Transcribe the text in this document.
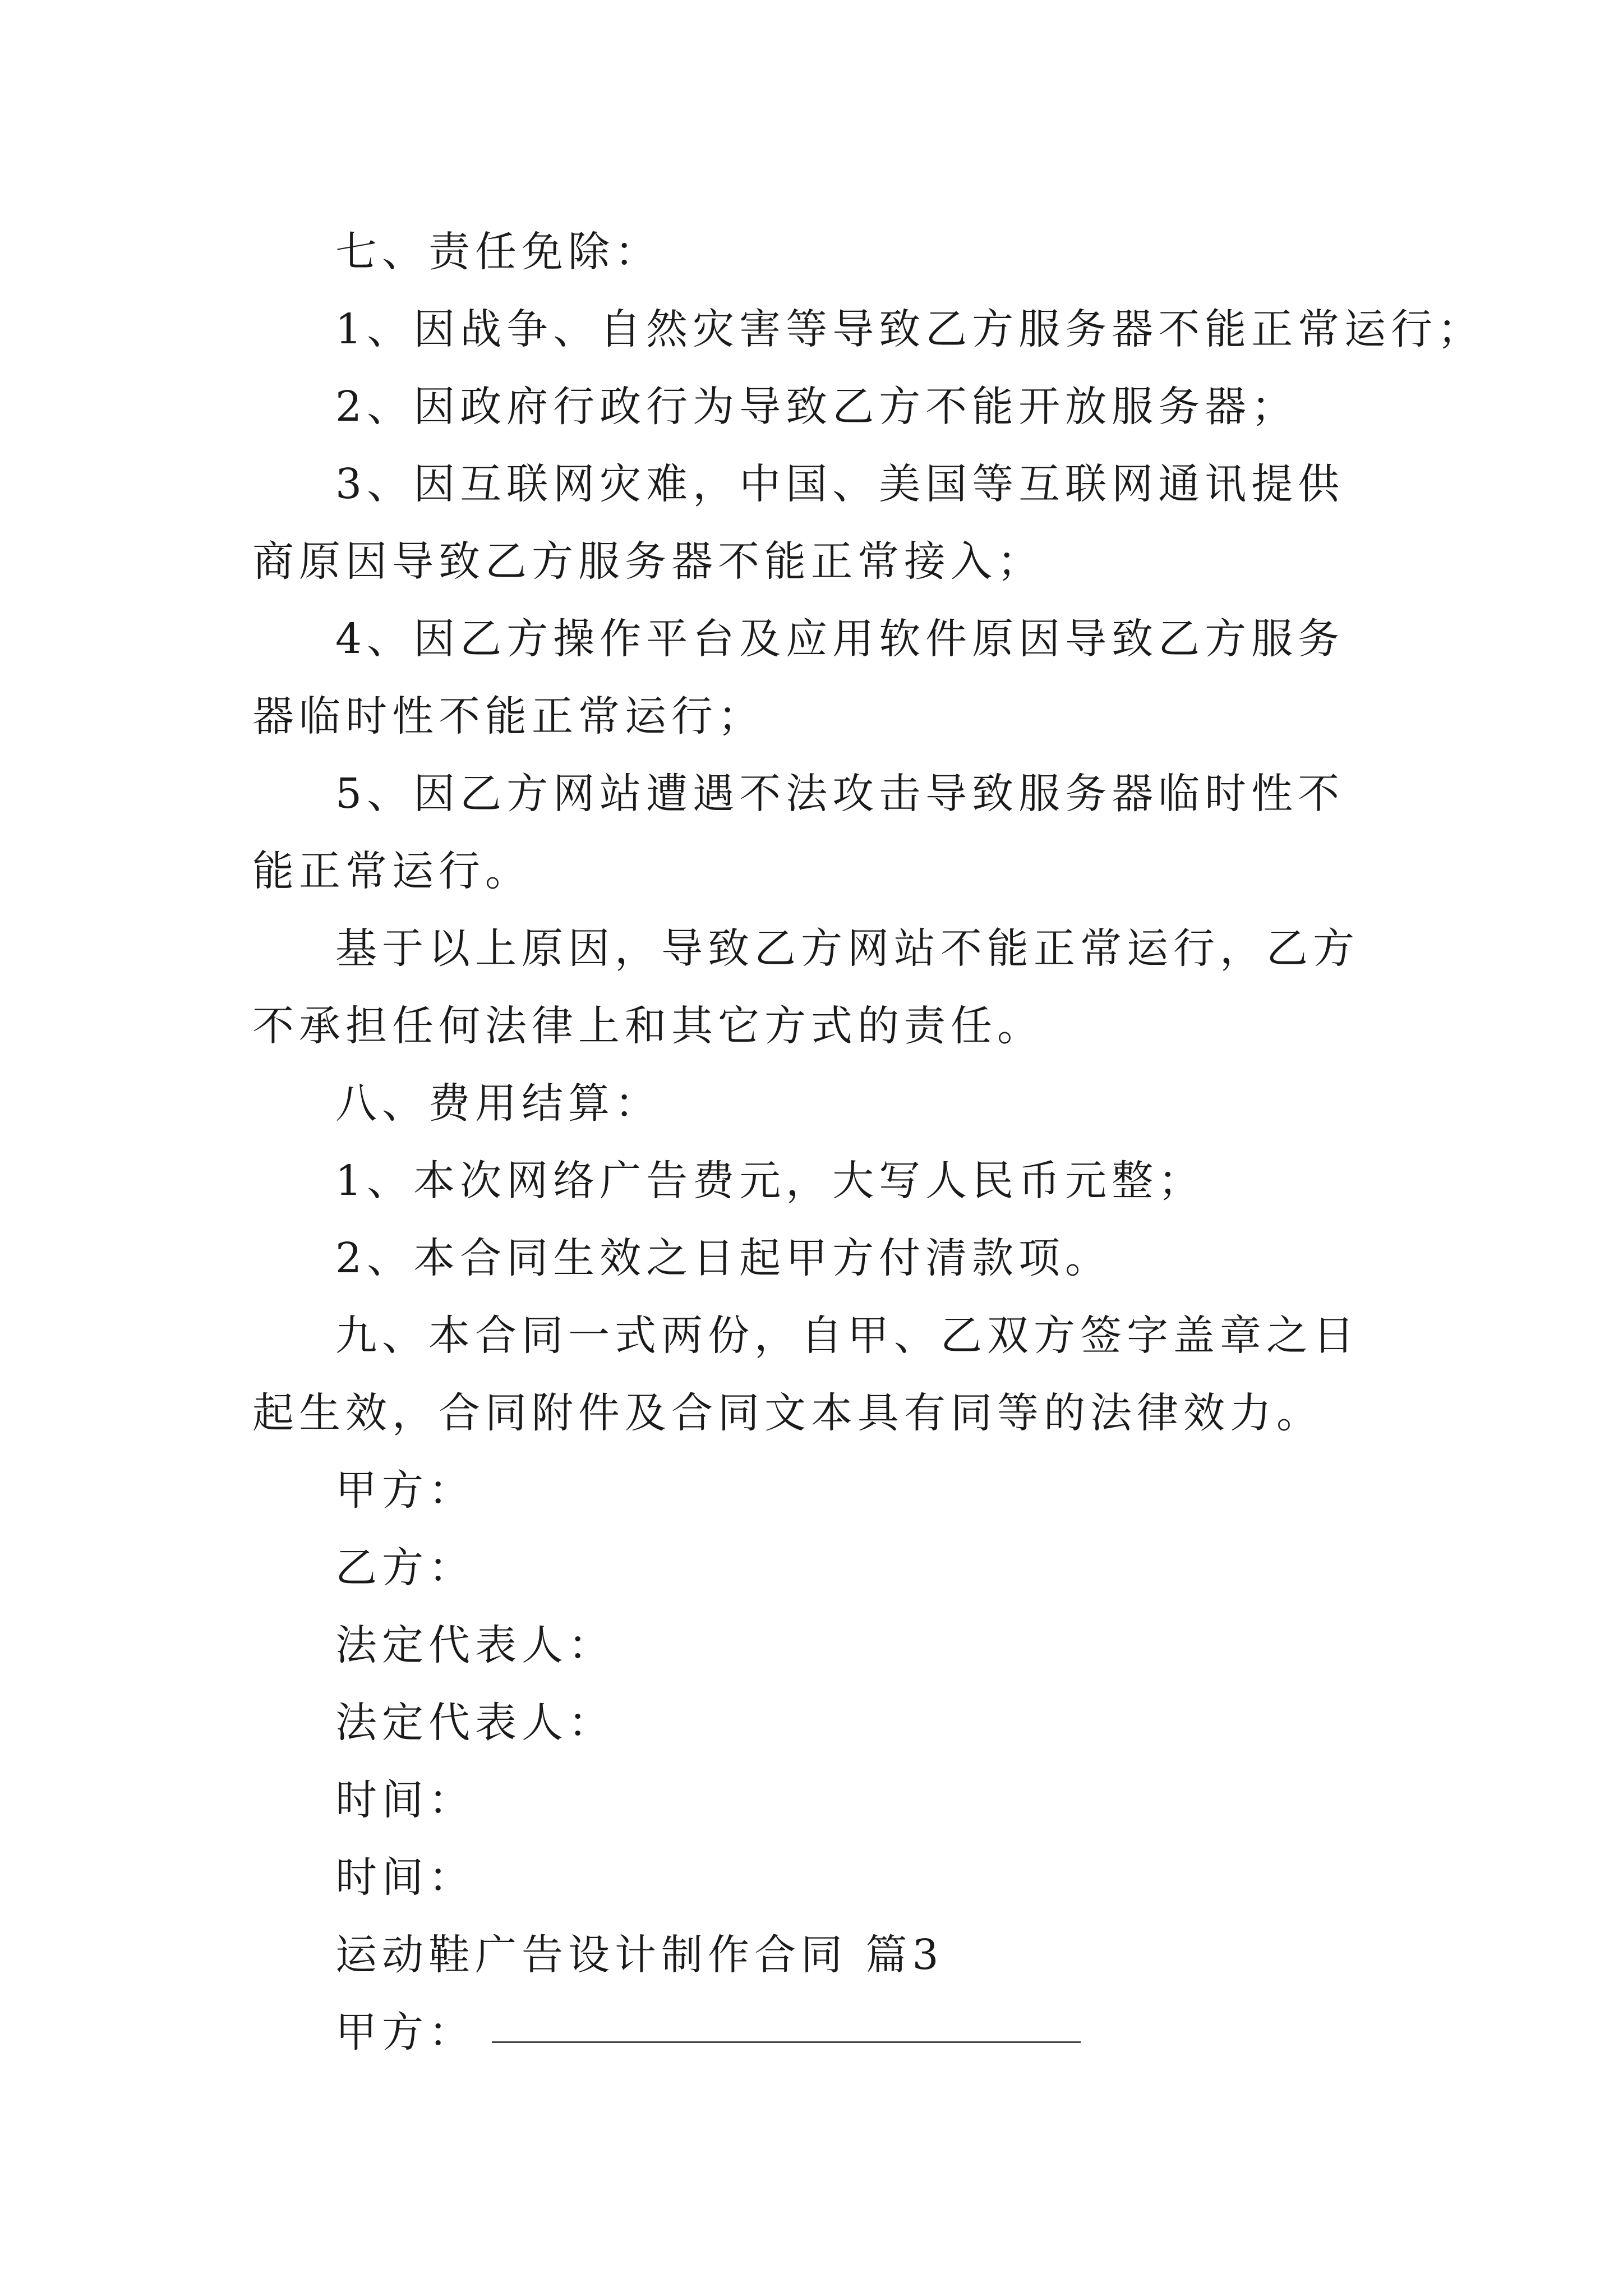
七、责任免除：

1、因战争、自然灾害等导致乙方服务器不能正常运行；

2、因政府行政行为导致乙方不能开放服务器；

3、因互联网灾难，中国、美国等互联网通讯提供商原因导致乙方服务器不能正常接入；

4、因乙方操作平台及应用软件原因导致乙方服务器临时性不能正常运行；

5、因乙方网站遭遇不法攻击导致服务器临时性不能正常运行。

基于以上原因，导致乙方网站不能正常运行，乙方不承担任何法律上和其它方式的责任。

八、费用结算：

1、本次网络广告费元，大写人民币元整；

2、本合同生效之日起甲方付清款项。

九、本合同一式两份，自甲、乙双方签字盖章之日起生效，合同附件及合同文本具有同等的法律效力。

甲方：

乙方：

法定代表人：

法定代表人：

时间：

时间：

运动鞋广告设计制作合同 篇3

甲方：
